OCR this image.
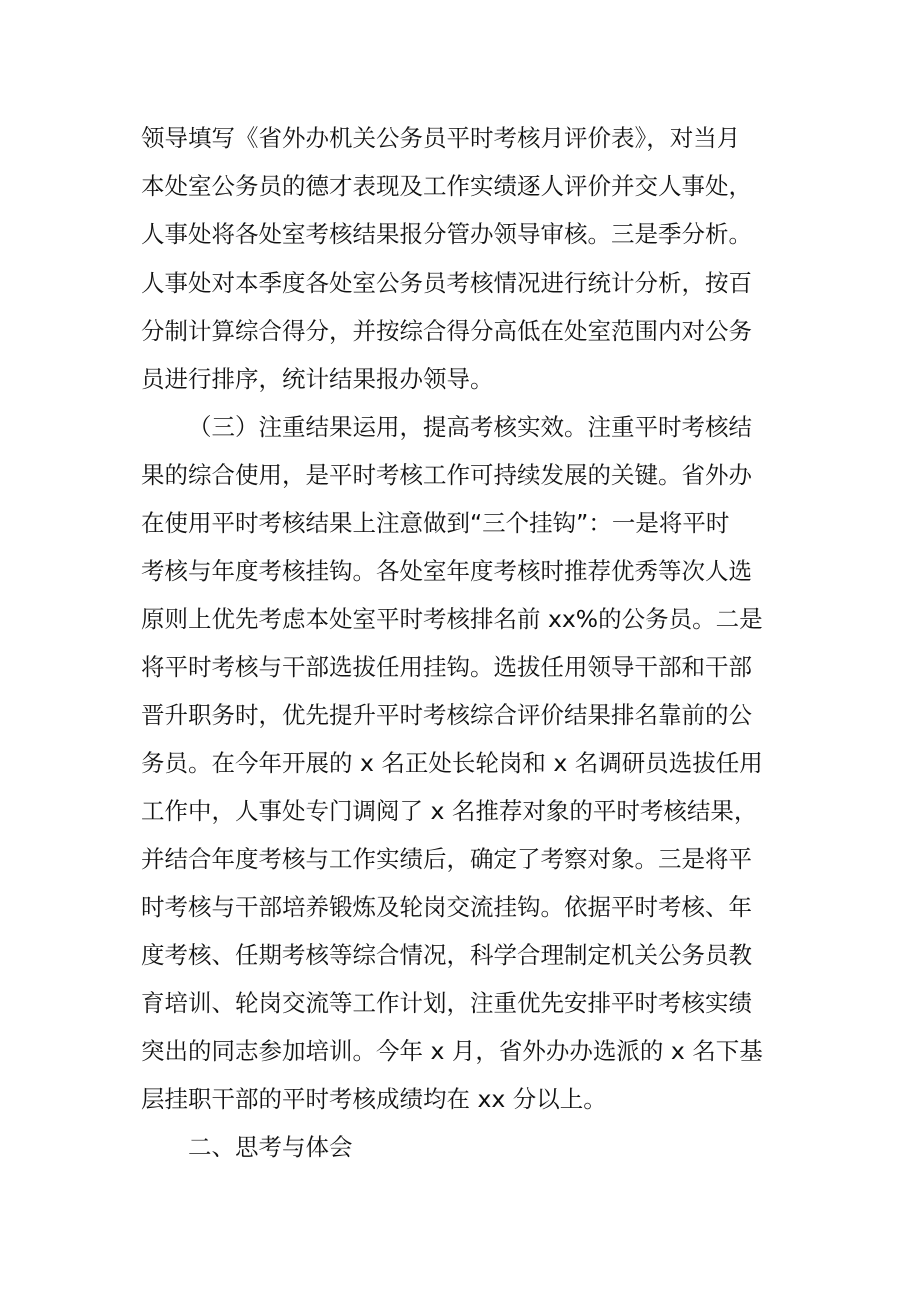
领导填写《省外办机关公务员平时考核月评价表》，对当月
本处室公务员的德才表现及工作实绩逐人评价并交人事处，
人事处将各处室考核结果报分管办领导审核。三是季分析。
人事处对本季度各处室公务员考核情况进行统计分析，按百
分制计算综合得分，并按综合得分高低在处室范围内对公务
员进行排序，统计结果报办领导。
（三）注重结果运用，提高考核实效。注重平时考核结
果的综合使用，是平时考核工作可持续发展的关键。省外办
在使用平时考核结果上注意做到“三个挂钩”：一是将平时
考核与年度考核挂钩。各处室年度考核时推荐优秀等次人选
原则上优先考虑本处室平时考核排名前 xx%的公务员。二是
将平时考核与干部选拔任用挂钩。选拔任用领导干部和干部
晋升职务时，优先提升平时考核综合评价结果排名靠前的公
务员。在今年开展的 x 名正处长轮岗和 x 名调研员选拔任用
工作中，人事处专门调阅了 x 名推荐对象的平时考核结果，
并结合年度考核与工作实绩后，确定了考察对象。三是将平
时考核与干部培养锻炼及轮岗交流挂钩。依据平时考核、年
度考核、任期考核等综合情况，科学合理制定机关公务员教
育培训、轮岗交流等工作计划，注重优先安排平时考核实绩
突出的同志参加培训。今年 x 月，省外办办选派的 x 名下基
层挂职干部的平时考核成绩均在 xx 分以上。
二、思考与体会
